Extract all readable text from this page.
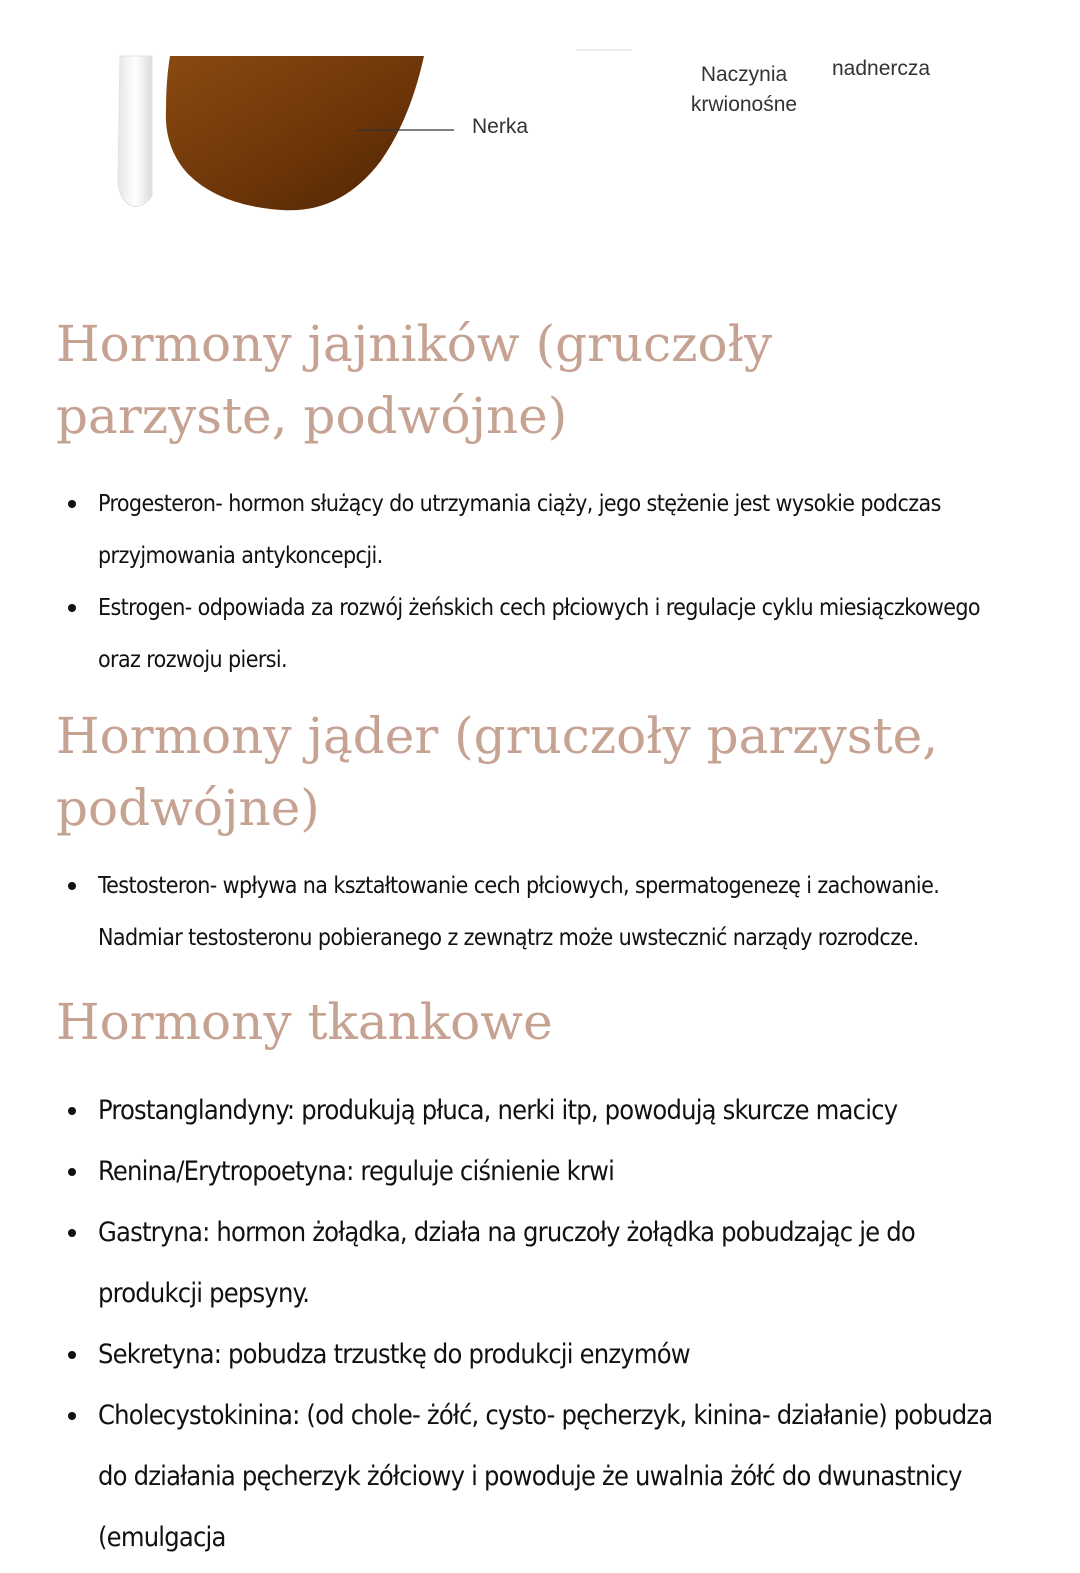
Nerka
Naczynia
krwionośne
nadnercza
Hormony jajników (gruczoły
parzyste, podwójne)
Progesteron- hormon służący do utrzymania ciąży, jego stężenie jest wysokie podczas przyjmowania antykoncepcji.
Estrogen- odpowiada za rozwój żeńskich cech płciowych i regulacje cyklu miesiączkowego oraz rozwoju piersi.
Hormony jąder (gruczoły parzyste,
podwójne)
Testosteron- wpływa na kształtowanie cech płciowych, spermatogenezę i zachowanie. Nadmiar testosteronu pobieranego z zewnątrz może uwstecznić narządy rozrodcze.
Hormony tkankowe
Prostanglandyny: produkują płuca, nerki itp, powodują skurcze macicy
Renina/Erytropoetyna: reguluje ciśnienie krwi
Gastryna: hormon żołądka, działa na gruczoły żołądka pobudzając je do produkcji pepsyny.
Sekretyna: pobudza trzustkę do produkcji enzymów
Cholecystokinina: (od chole- żółć, cysto- pęcherzyk, kinina- działanie) pobudza do działania pęcherzyk żółciowy i powoduje że uwalnia żółć do dwunastnicy (emulgacja
